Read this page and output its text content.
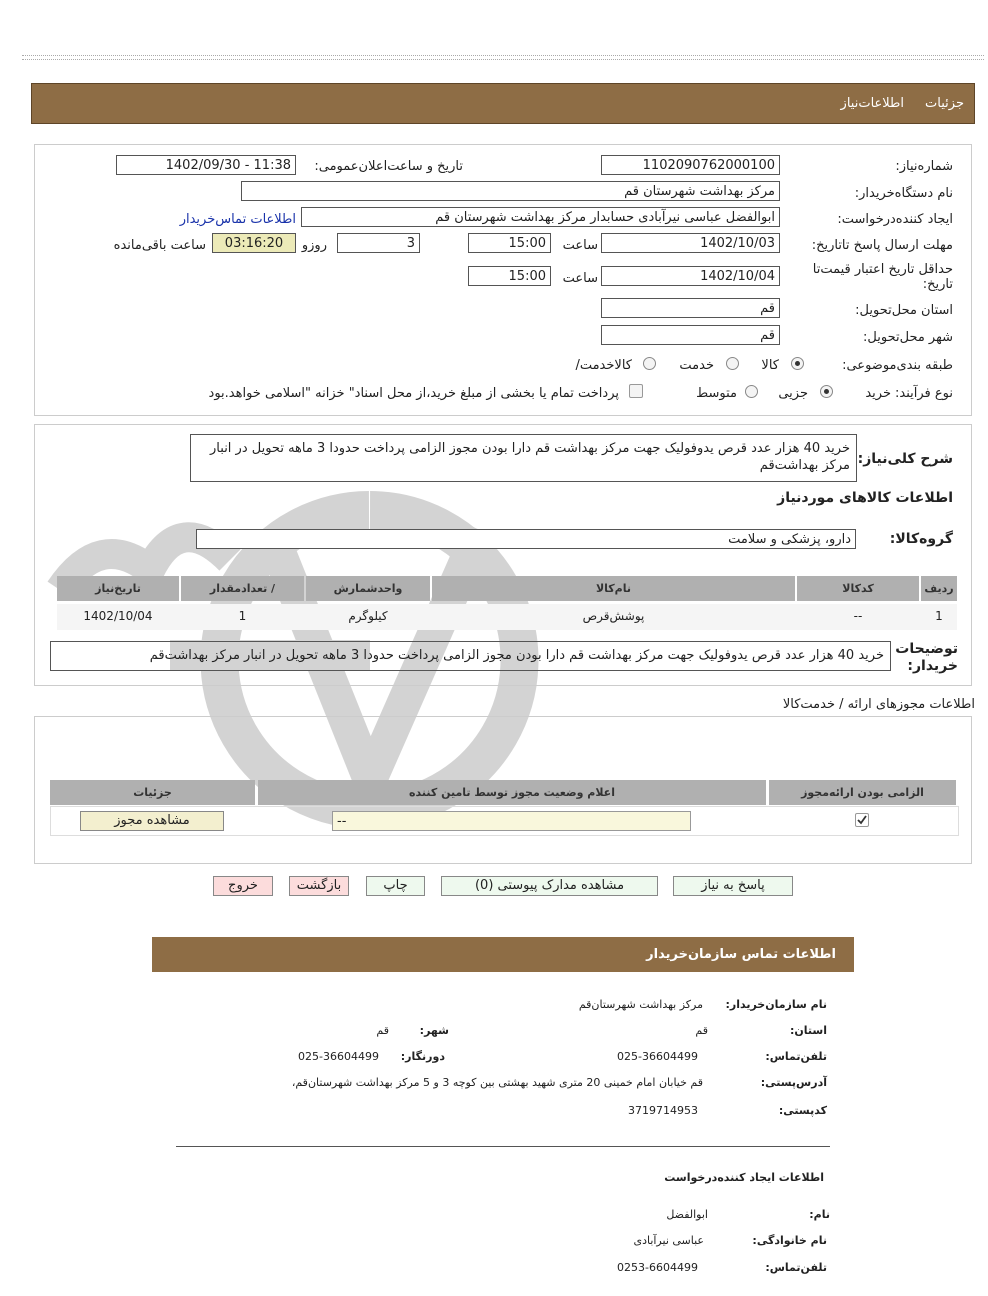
جزئيات
اطلاعات‌نیاز
شماره‌نیاز:
1102090762000100
تاریخ و ساعت‌اعلان‌عمومی:
1402/09/30 - 11:38
نام دستگاه‌خریدار:
مرکز بهداشت شهرستان قم
ایجاد کننده‌درخواست:
ابوالفضل عباسی نیرآبادی حسابدار مرکز بهداشت شهرستان قم
اطلاعات تماس‌خریدار
مهلت ارسال پاسخ تا‌تاریخ:
1402/10/03
ساعت
15:00
3
روزو
03:16:20
ساعت باقی‌مانده
حداقل تاریخ اعتبار قیمت‌تا تاریخ:
1402/10/04
ساعت
15:00
استان محل‌تحویل:
قم
شهر محل‌تحویل:
قم
طبقه بندی‌موضوعی:
کالا
خدمت
کالا‌خدمت/
نوع فرآیند:
خرید
جزیی
متوسط
پرداخت تمام یا بخشی از مبلغ خرید،از محل اسناد" خزانه "اسلامی خواهد.بود
شرح کلی‌نیاز:
خرید 40 هزار عدد قرص یدوفولیک جهت مرکز بهداشت قم دارا بودن مجوز الزامی پرداخت حدودا 3 ماهه تحویل در انبار مرکز بهداشت‌قم
اطلاعات کالاهای مورد‌نیاز
گروه‌کالا:
دارو، پزشکی و سلامت
ردیف
کدکالا
نام‌کالا
واحد‌شمارش
تعداد‌مقدار /
تاریخ‌نیاز
1
--
پوشش‌قرص
کیلوگرم
1
1402/10/04
توضیحات خریدار:
خرید 40 هزار عدد قرص یدوفولیک جهت مرکز بهداشت قم دارا بودن مجوز الزامی پرداخت حدودا 3 ماهه تحویل در انبار مرکز بهداشت‌قم
اطلاعات مجوزهای ارائه / خدمت‌کالا
الزامی بودن ارائه‌مجوز
اعلام وضعیت مجوز توسط تامین کننده
جزئیات
--
مشاهده مجوز
پاسخ به نیاز
مشاهده مدارک پیوستی (0)
چاپ
بازگشت
خروج
اطلاعات تماس سازمان‌خریدار
نام سازمان‌خریدار:
مرکز بهداشت شهرستان‌قم
استان:
قم
شهر:
قم
تلفن‌تماس:
025-36604499
دورنگار:
025-36604499
آدرس‌پستی:
قم خیابان امام خمینی 20 متری شهید بهشتی بین کوچه 3 و 5 مرکز بهداشت شهرستان‌قم،
کد‌پستی:
3719714953
اطلاعات ایجاد کننده‌درخواست
نام:
ابوالفضل
نام خانوادگی:
عباسی نیرآبادی
تلفن‌تماس:
0253-6604499
